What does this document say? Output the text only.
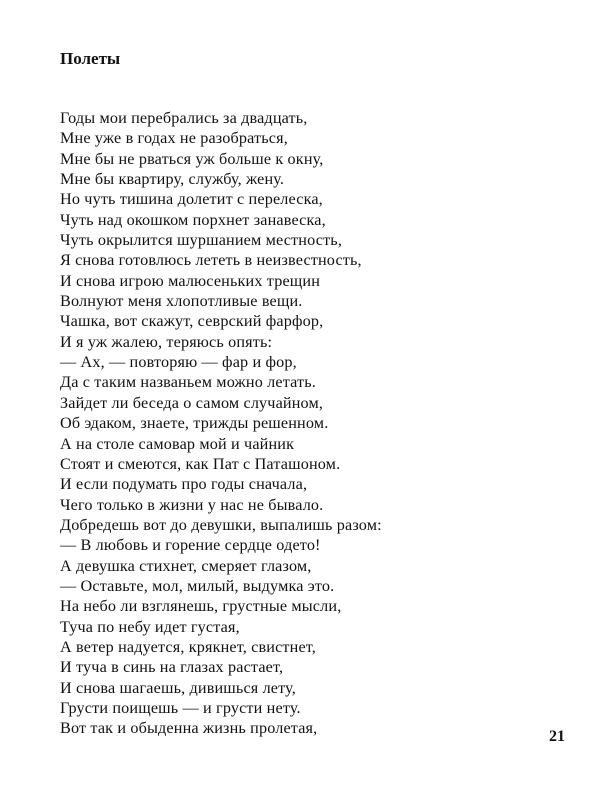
Полеты
Годы мои перебрались за двадцать,
Мне уже в годах не разобраться,
Мне бы не рваться уж больше к окну,
Мне бы квартиру, службу, жену.
Но чуть тишина долетит с перелеска,
Чуть над окошком порхнет занавеска,
Чуть окрылится шуршанием местность,
Я снова готовлюсь лететь в неизвестность,
И снова игрою малюсеньких трещин
Волнуют меня хлопотливые вещи.
Чашка, вот скажут, севрский фарфор,
И я уж жалею, теряюсь опять:
— Ах, — повторяю — фар и фор,
Да с таким названьем можно летать.
Зайдет ли беседа о самом случайном,
Об эдаком, знаете, трижды решенном.
А на столе самовар мой и чайник
Стоят и смеются, как Пат с Паташоном.
И если подумать про годы сначала,
Чего только в жизни у нас не бывало.
Добредешь вот до девушки, выпалишь разом:
— В любовь и горение сердце одето!
А девушка стихнет, смеряет глазом,
— Оставьте, мол, милый, выдумка это.
На небо ли взглянешь, грустные мысли,
Туча по небу идет густая,
А ветер надуется, крякнет, свистнет,
И туча в синь на глазах растает,
И снова шагаешь, дивишься лету,
Грусти поищешь — и грусти нету.
Вот так и обыденна жизнь пролетая,	21
